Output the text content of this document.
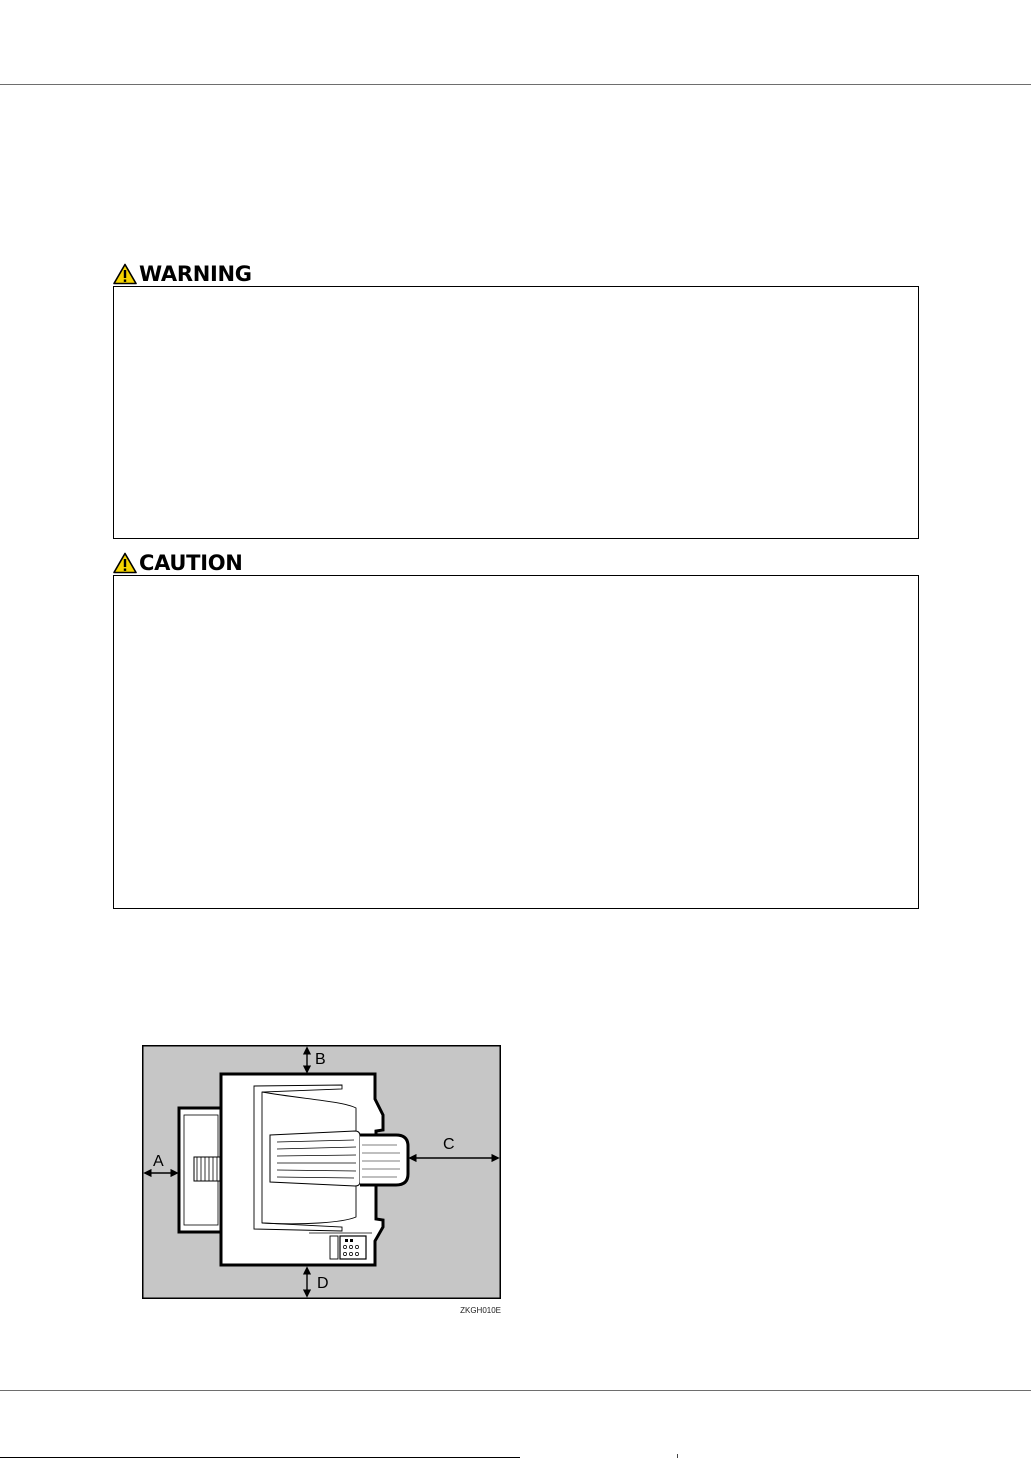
WARNING
CAUTION
B
A
C
D
ZKGH010E
